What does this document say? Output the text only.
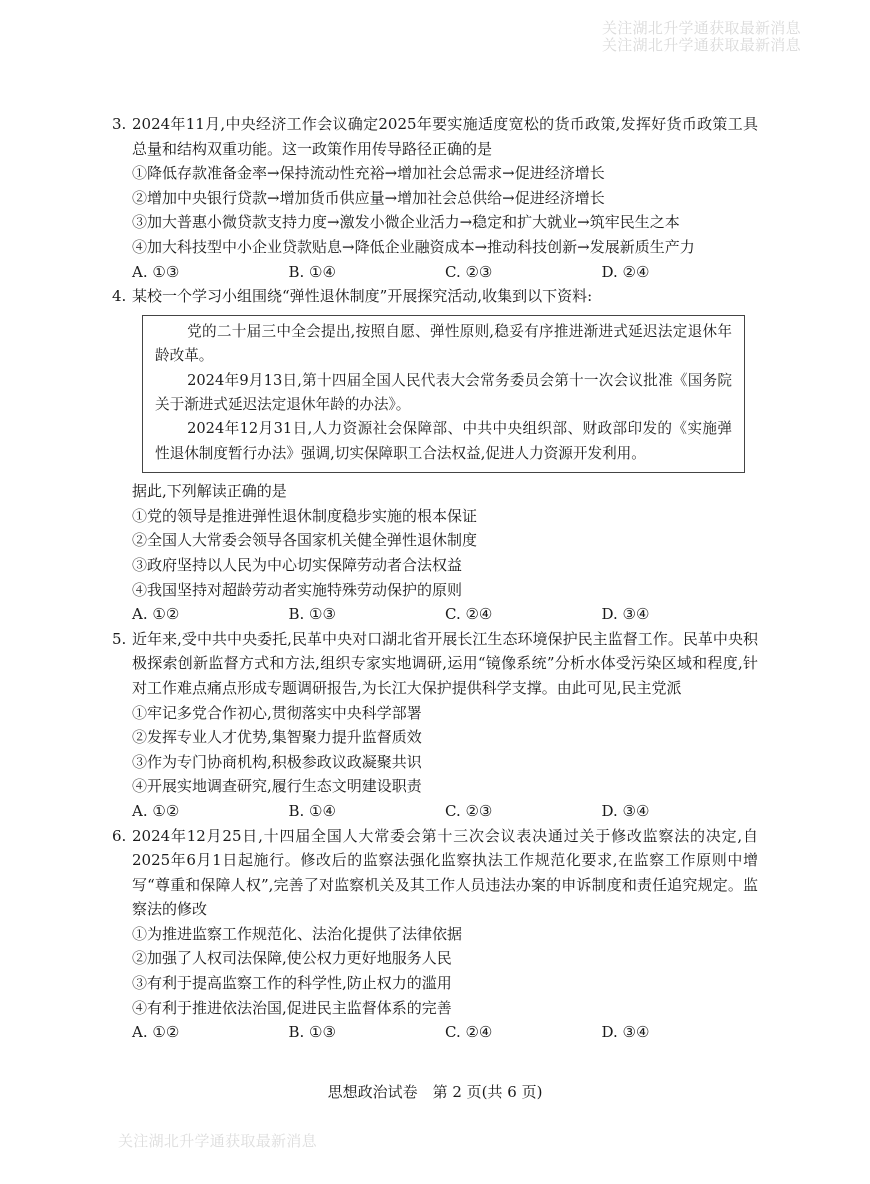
关注湖北升学通获取最新消息
关注湖北升学通获取最新消息
3. 2024年11月,中央经济工作会议确定2025年要实施适度宽松的货币政策,发挥好货币政策工具总量和结构双重功能。这一政策作用传导路径正确的是
①降低存款准备金率→保持流动性充裕→增加社会总需求→促进经济增长
②增加中央银行贷款→增加货币供应量→增加社会总供给→促进经济增长
③加大普惠小微贷款支持力度→激发小微企业活力→稳定和扩大就业→筑牢民生之本
④加大科技型中小企业贷款贴息→降低企业融资成本→推动科技创新→发展新质生产力
A. ①③	B. ①④	C. ②③	D. ②④
4. 某校一个学习小组围绕“弹性退休制度”开展探究活动,收集到以下资料:

党的二十届三中全会提出,按照自愿、弹性原则,稳妥有序推进渐进式延迟法定退休年龄改革。

2024年9月13日,第十四届全国人民代表大会常务委员会第十一次会议批准《国务院关于渐进式延迟法定退休年龄的办法》。

2024年12月31日,人力资源社会保障部、中共中央组织部、财政部印发的《实施弹性退休制度暂行办法》强调,切实保障职工合法权益,促进人力资源开发利用。

据此,下列解读正确的是
①党的领导是推进弹性退休制度稳步实施的根本保证
②全国人大常委会领导各国家机关健全弹性退休制度
③政府坚持以人民为中心切实保障劳动者合法权益
④我国坚持对超龄劳动者实施特殊劳动保护的原则
A. ①②	B. ①③	C. ②④	D. ③④
5. 近年来,受中共中央委托,民革中央对口湖北省开展长江生态环境保护民主监督工作。民革中央积极探索创新监督方式和方法,组织专家实地调研,运用“镜像系统”分析水体受污染区域和程度,针对工作难点痛点形成专题调研报告,为长江大保护提供科学支撑。由此可见,民主党派
①牢记多党合作初心,贯彻落实中央科学部署
②发挥专业人才优势,集智聚力提升监督质效
③作为专门协商机构,积极参政议政凝聚共识
④开展实地调查研究,履行生态文明建设职责
A. ①②	B. ①④	C. ②③	D. ③④
6. 2024年12月25日,十四届全国人大常委会第十三次会议表决通过关于修改监察法的决定,自2025年6月1日起施行。修改后的监察法强化监察执法工作规范化要求,在监察工作原则中增写“尊重和保障人权”,完善了对监察机关及其工作人员违法办案的申诉制度和责任追究规定。监察法的修改
①为推进监察工作规范化、法治化提供了法律依据
②加强了人权司法保障,使公权力更好地服务人民
③有利于提高监察工作的科学性,防止权力的滥用
④有利于推进依法治国,促进民主监督体系的完善
A. ①②	B. ①③	C. ②④	D. ③④
思想政治试卷　第 2 页(共 6 页)
关注湖北升学通获取最新消息
